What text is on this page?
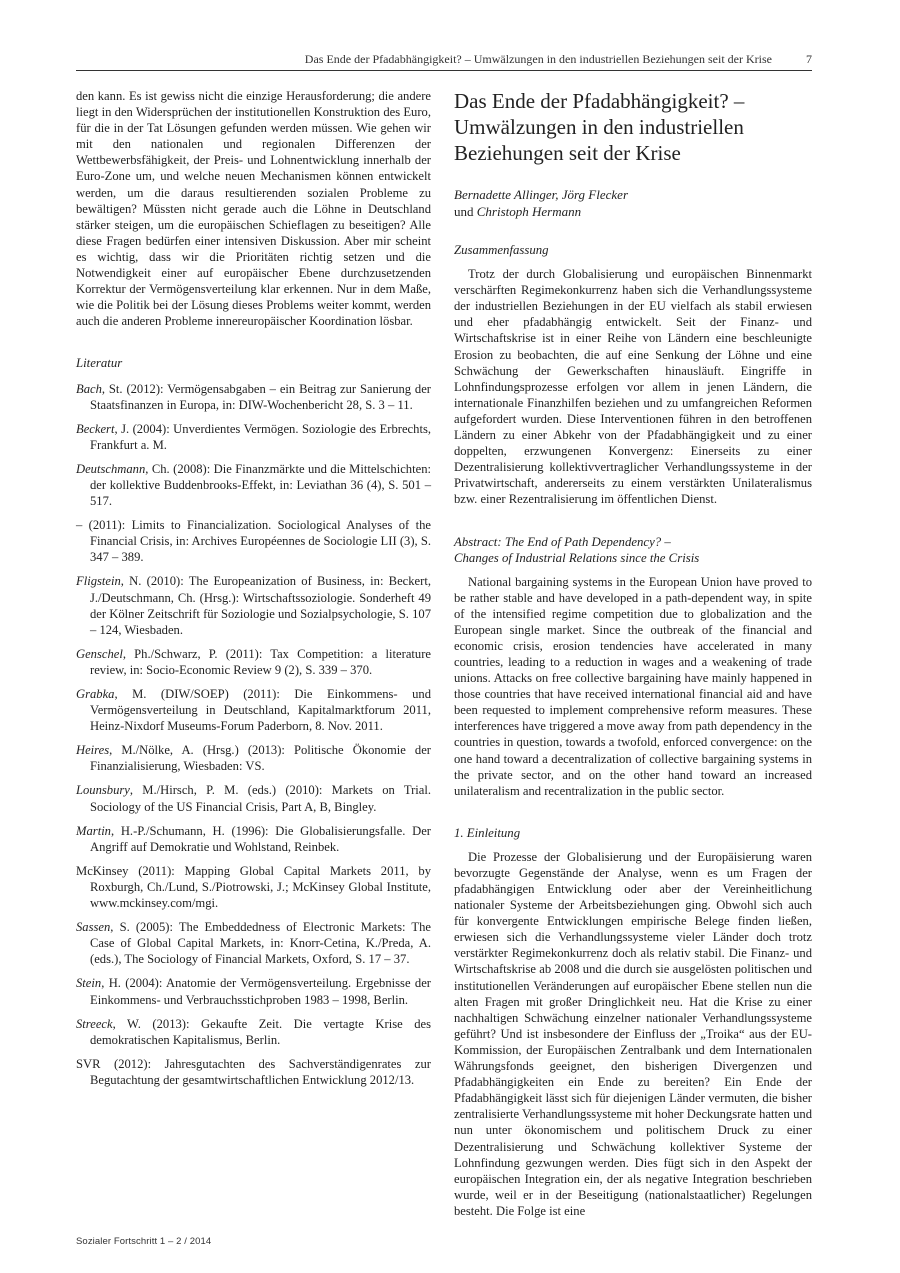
Das Ende der Pfadabhängigkeit? – Umwälzungen in den industriellen Beziehungen seit der Krise	7

den kann. Es ist gewiss nicht die einzige Herausforderung; die andere liegt in den Widersprüchen der institutionellen Konstruktion des Euro, für die in der Tat Lösungen gefunden werden müssen. Wie gehen wir mit den nationalen und regionalen Differenzen der Wettbewerbsfähigkeit, der Preis- und Lohnentwicklung innerhalb der Euro-Zone um, und welche neuen Mechanismen können entwickelt werden, um die daraus resultierenden sozialen Probleme zu bewältigen? Müssten nicht gerade auch die Löhne in Deutschland stärker steigen, um die europäischen Schieflagen zu beseitigen? Alle diese Fragen bedürfen einer intensiven Diskussion. Aber mir scheint es wichtig, dass wir die Prioritäten richtig setzen und die Notwendigkeit einer auf europäischer Ebene durchzusetzenden Korrektur der Vermögensverteilung klar erkennen. Nur in dem Maße, wie die Politik bei der Lösung dieses Problems weiter kommt, werden auch die anderen Probleme innereuropäischer Koordination lösbar.

Literatur

Bach, St. (2012): Vermögensabgaben – ein Beitrag zur Sanierung der Staatsfinanzen in Europa, in: DIW-Wochenbericht 28, S. 3 – 11.

Beckert, J. (2004): Unverdientes Vermögen. Soziologie des Erbrechts, Frankfurt a. M.

Deutschmann, Ch. (2008): Die Finanzmärkte und die Mittelschichten: der kollektive Buddenbrooks-Effekt, in: Leviathan 36 (4), S. 501 – 517.

– (2011): Limits to Financialization. Sociological Analyses of the Financial Crisis, in: Archives Européennes de Sociologie LII (3), S. 347 – 389.

Fligstein, N. (2010): The Europeanization of Business, in: Beckert, J./Deutschmann, Ch. (Hrsg.): Wirtschaftssoziologie. Sonderheft 49 der Kölner Zeitschrift für Soziologie und Sozialpsychologie, S. 107 – 124, Wiesbaden.

Genschel, Ph./Schwarz, P. (2011): Tax Competition: a literature review, in: Socio-Economic Review 9 (2), S. 339 – 370.

Grabka, M. (DIW/SOEP) (2011): Die Einkommens- und Vermögensverteilung in Deutschland, Kapitalmarktforum 2011, Heinz-Nixdorf Museums-Forum Paderborn, 8. Nov. 2011.

Heires, M./Nölke, A. (Hrsg.) (2013): Politische Ökonomie der Finanzialisierung, Wiesbaden: VS.

Lounsbury, M./Hirsch, P. M. (eds.) (2010): Markets on Trial. Sociology of the US Financial Crisis, Part A, B, Bingley.

Martin, H.-P./Schumann, H. (1996): Die Globalisierungsfalle. Der Angriff auf Demokratie und Wohlstand, Reinbek.

McKinsey (2011): Mapping Global Capital Markets 2011, by Roxburgh, Ch./Lund, S./Piotrowski, J.; McKinsey Global Institute, www.mckinsey.com/mgi.

Sassen, S. (2005): The Embeddedness of Electronic Markets: The Case of Global Capital Markets, in: Knorr-Cetina, K./Preda, A. (eds.), The Sociology of Financial Markets, Oxford, S. 17 – 37.

Stein, H. (2004): Anatomie der Vermögensverteilung. Ergebnisse der Einkommens- und Verbrauchsstichproben 1983 – 1998, Berlin.

Streeck, W. (2013): Gekaufte Zeit. Die vertagte Krise des demokratischen Kapitalismus, Berlin.

SVR (2012): Jahresgutachten des Sachverständigenrates zur Begutachtung der gesamtwirtschaftlichen Entwicklung 2012/13.

Das Ende der Pfadabhängigkeit? – Umwälzungen in den industriellen Beziehungen seit der Krise
Bernadette Allinger, Jörg Flecker
und Christoph Hermann
Zusammenfassung

Trotz der durch Globalisierung und europäischen Binnenmarkt verschärften Regimekonkurrenz haben sich die Verhandlungssysteme der industriellen Beziehungen in der EU vielfach als stabil erwiesen und eher pfadabhängig entwickelt. Seit der Finanz- und Wirtschaftskrise ist in einer Reihe von Ländern eine beschleunigte Erosion zu beobachten, die auf eine Senkung der Löhne und eine Schwächung der Gewerkschaften hinausläuft. Eingriffe in Lohnfindungsprozesse erfolgen vor allem in jenen Ländern, die internationale Finanzhilfen beziehen und zu umfangreichen Reformen aufgefordert wurden. Diese Interventionen führen in den betroffenen Ländern zu einer Abkehr von der Pfadabhängigkeit und zu einer doppelten, erzwungenen Konvergenz: Einerseits zu einer Dezentralisierung kollektivvertraglicher Verhandlungssysteme in der Privatwirtschaft, andererseits zu einem verstärkten Unilateralismus bzw. einer Rezentralisierung im öffentlichen Dienst.

Abstract: The End of Path Dependency? –
Changes of Industrial Relations since the Crisis

National bargaining systems in the European Union have proved to be rather stable and have developed in a path-dependent way, in spite of the intensified regime competition due to globalization and the European single market. Since the outbreak of the financial and economic crisis, erosion tendencies have accelerated in many countries, leading to a reduction in wages and a weakening of trade unions. Attacks on free collective bargaining have mainly happened in those countries that have received international financial aid and have been requested to implement comprehensive reform measures. These interferences have triggered a move away from path dependency in the countries in question, towards a twofold, enforced convergence: on the one hand toward a decentralization of collective bargaining systems in the private sector, and on the other hand toward an increased unilateralism and recentralization in the public sector.

1. Einleitung

Die Prozesse der Globalisierung und der Europäisierung waren bevorzugte Gegenstände der Analyse, wenn es um Fragen der pfadabhängigen Entwicklung oder aber der Vereinheitlichung nationaler Systeme der Arbeitsbeziehungen ging. Obwohl sich auch für konvergente Entwicklungen empirische Belege finden ließen, erwiesen sich die Verhandlungssysteme vieler Länder doch trotz verstärkter Regimekonkurrenz doch als relativ stabil. Die Finanz- und Wirtschaftskrise ab 2008 und die durch sie ausgelösten politischen und institutionellen Veränderungen auf europäischer Ebene stellen nun die alten Fragen mit großer Dringlichkeit neu. Hat die Krise zu einer nachhaltigen Schwächung einzelner nationaler Verhandlungssysteme geführt? Und ist insbesondere der Einfluss der „Troika“ aus der EU-Kommission, der Europäischen Zentralbank und dem Internationalen Währungsfonds geeignet, den bisherigen Divergenzen und Pfadabhängigkeiten ein Ende zu bereiten? Ein Ende der Pfadabhängigkeit lässt sich für diejenigen Länder vermuten, die bisher zentralisierte Verhandlungssysteme mit hoher Deckungsrate hatten und nun unter ökonomischem und politischem Druck zu einer Dezentralisierung und Schwächung kollektiver Systeme der Lohnfindung gezwungen werden. Dies fügt sich in den Aspekt der europäischen Integration ein, der als negative Integration beschrieben wurde, weil er in der Beseitigung (nationalstaatlicher) Regelungen besteht. Die Folge ist eine

Sozialer Fortschritt 1 – 2 / 2014
